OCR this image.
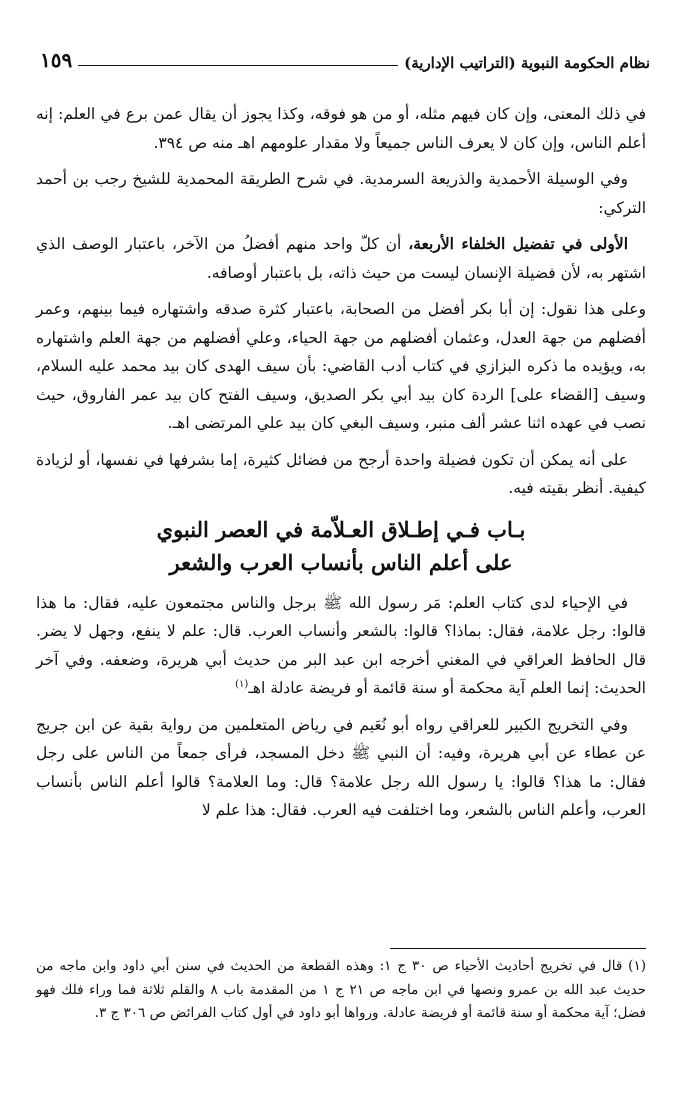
نظام الحكومة النبوية (التراتيب الإدارية)
١٥٩

في ذلك المعنى، وإن كان فيهم مثله، أو من هو فوقه، وكذا يجوز أن يقال عمن برع في العلم: إنه أعلم الناس، وإن كان لا يعرف الناس جميعاً ولا مقدار علومهم اهـ منه ص ٣٩٤.

وفي الوسيلة الأحمدية والذريعة السرمدية. في شرح الطريقة المحمدية للشيخ رجب بن أحمد التركي:

الأولى في تفضيل الخلفاء الأربعة، أن كلّ واحد منهم أفضلُ من الآخر، باعتبار الوصف الذي اشتهر به، لأن فضيلة الإنسان ليست من حيث ذاته، بل باعتبار أوصافه.

وعلى هذا نقول: إن أبا بكر أفضل من الصحابة، باعتبار كثرة صدقه واشتهاره فيما بينهم، وعمر أفضلهم من جهة العدل، وعثمان أفضلهم من جهة الحياء، وعلي أفضلهم من جهة العلم واشتهاره به، ويؤيده ما ذكره البزازي في كتاب أدب القاضي: بأن سيف الهدى كان بيد محمد عليه السلام، وسيف [القضاء على] الردة كان بيد أبي بكر الصديق، وسيف الفتح كان بيد عمر الفاروق، حيث نصب في عهده اثنا عشر ألف منبر، وسيف البغي كان بيد علي المرتضى اهـ.

على أنه يمكن أن تكون فضيلة واحدة أرجح من فضائل كثيرة، إما بشرفها في نفسها، أو لزيادة كيفية. أنظر بقيته فيه.

بـاب فـي إطـلاق العـلاّمة في العصر النبوي
على أعلم الناس بأنساب العرب والشعر

في الإحياء لدى كتاب العلم: مَر رسول الله ﷺ برجل والناس مجتمعون عليه، فقال: ما هذا قالوا: رجل علامة، فقال: بماذا؟ قالوا: بالشعر وأنساب العرب. قال: علم لا ينفع، وجهل لا يضر. قال الحافظ العراقي في المغني أخرجه ابن عبد البر من حديث أبي هريرة، وضعفه. وفي آخر الحديث: إنما العلم آية محكمة أو سنة قائمة أو فريضة عادلة اهـ$^{(١)}$

وفي التخريج الكبير للعراقي رواه أبو نُعَيم في رياض المتعلمين من رواية بقية عن ابن جريج عن عطاء عن أبي هريرة، وفيه: أن النبي ﷺ دخل المسجد، فرأى جمعاً من الناس على رجل فقال: ما هذا؟ قالوا: يا رسول الله رجل علامة؟ قال: وما العلامة؟ قالوا أعلم الناس بأنساب العرب، وأعلم الناس بالشعر، وما اختلفت فيه العرب. فقال: هذا علم لا

(١) قال في تخريج أحاديث الأحياء ص ٣٠ ج ١: وهذه القطعة من الحديث في سنن أبي داود وابن ماجه من حديث عبد الله بن عمرو ونصها في ابن ماجه ص ٢١ ج ١ من المقدمة باب ٨ والقلم ثلاثة فما وراء فلك فهو فضل؛ آية محكمة أو سنة قائمة أو فريضة عادلة. ورواها أبو داود في أول كتاب الفرائض ص ٣٠٦ ج ٣.
